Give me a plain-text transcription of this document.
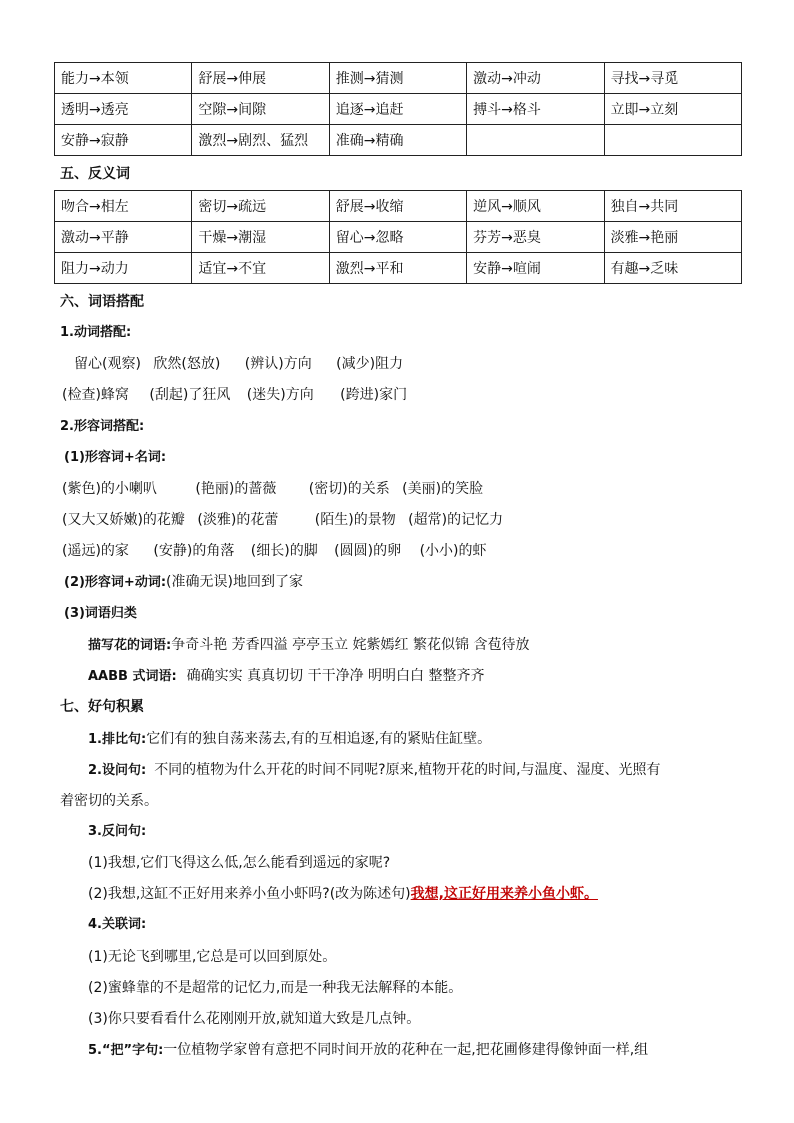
能力→本领	舒展→伸展	推测→猜测	激动→冲动	寻找→寻觅
透明→透亮	空隙→间隙	追逐→追赶	搏斗→格斗	立即→立刻
安静→寂静	激烈→剧烈、猛烈	准确→精确		
五、反义词
吻合→相左	密切→疏远	舒展→收缩	逆风→顺风	独自→共同
激动→平静	干燥→潮湿	留心→忽略	芬芳→恶臭	淡雅→艳丽
阻力→动力	适宜→不宜	激烈→平和	安静→喧闹	有趣→乏味
六、词语搭配
1.动词搭配:
留心(观察) 欣然(怒放) (辨认)方向 (减少)阻力
(检查)蜂窝 (刮起)了狂风 (迷失)方向 (跨进)家门
2.形容词搭配:
(1)形容词+名词:
(紫色)的小喇叭	(艳丽)的蔷薇 (密切)的关系 (美丽)的笑脸
(又大又娇嫩)的花瓣 (淡雅)的花蕾	(陌生)的景物 (超常)的记忆力
(遥远)的家 (安静)的角落 (细长)的脚 (圆圆)的卵 (小小)的虾
(2)形容词+动词:(准确无误)地回到了家
(3)词语归类
描写花的词语:争奇斗艳 芳香四溢 亭亭玉立 姹紫嫣红 繁花似锦 含苞待放
AABB 式词语: 确确实实 真真切切 干干净净 明明白白 整整齐齐
七、好句积累
1.排比句:它们有的独自荡来荡去,有的互相追逐,有的紧贴住缸壁。
2.设问句: 不同的植物为什么开花的时间不同呢?原来,植物开花的时间,与温度、湿度、光照有
着密切的关系。
3.反问句:
(1)我想,它们飞得这么低,怎么能看到遥远的家呢?
(2)我想,这缸不正好用来养小鱼小虾吗?(改为陈述句)我想,这正好用来养小鱼小虾。
4.关联词:
(1)无论飞到哪里,它总是可以回到原处。
(2)蜜蜂靠的不是超常的记忆力,而是一种我无法解释的本能。
(3)你只要看看什么花刚刚开放,就知道大致是几点钟。
5.“把”字句:一位植物学家曾有意把不同时间开放的花种在一起,把花圃修建得像钟面一样,组
